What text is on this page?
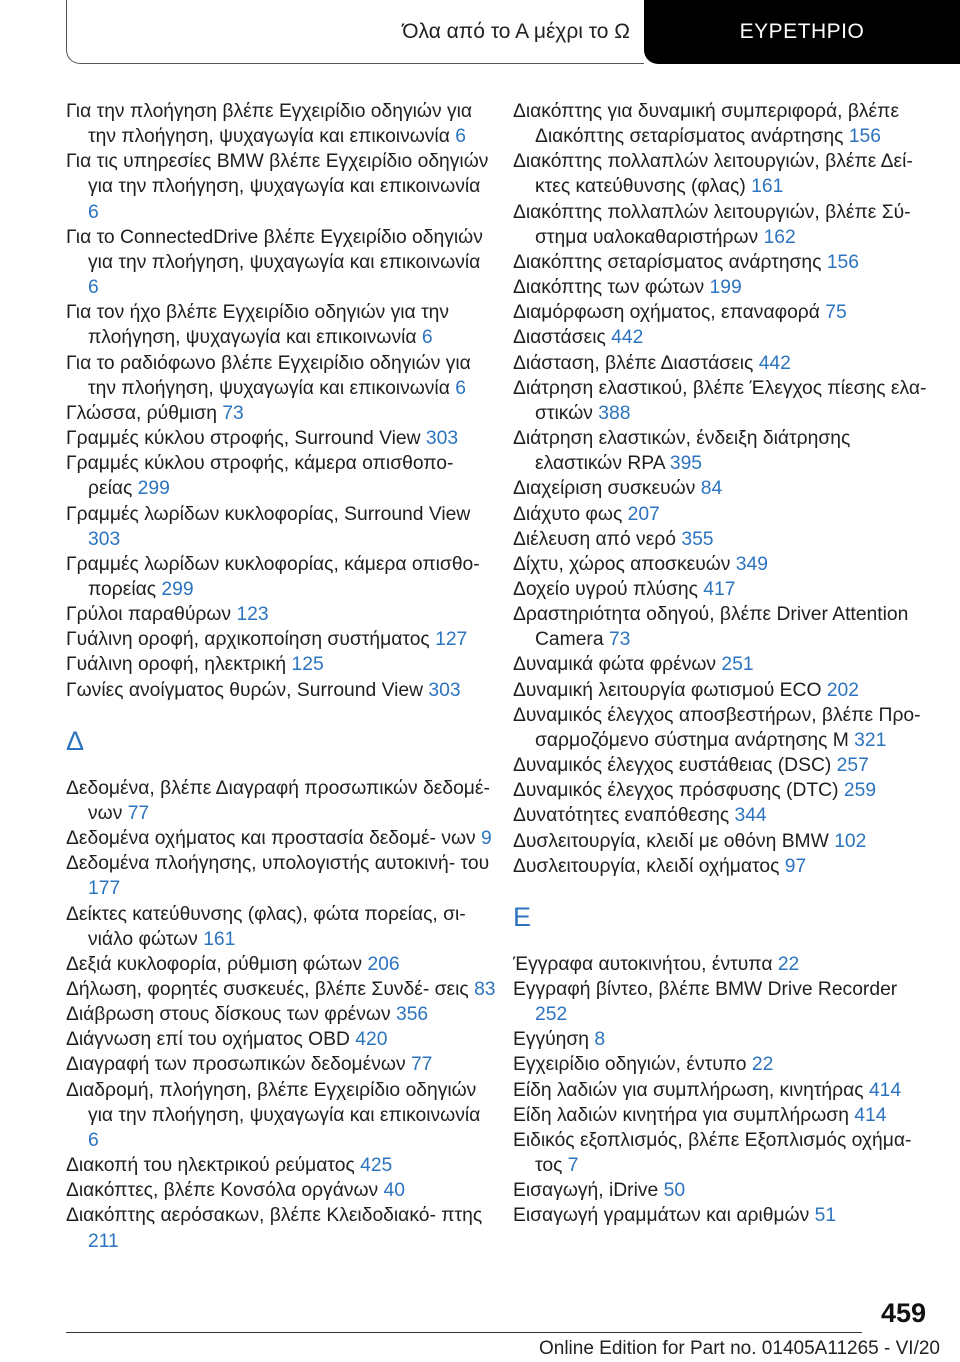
Όλα από το Α μέχρι το Ω	ΕΥΡΕΤΗΡΙΟ
Για την πλοήγηση βλέπε Εγχειρίδιο οδηγιών για την πλοήγηση, ψυχαγωγία και επικοινωνία 6
Για τις υπηρεσίες BMW βλέπε Εγχειρίδιο οδηγιών για την πλοήγηση, ψυχαγωγία και επικοινωνία 6
Για το ConnectedDrive βλέπε Εγχειρίδιο οδηγιών για την πλοήγηση, ψυχαγωγία και επικοινωνία 6
Για τον ήχο βλέπε Εγχειρίδιο οδηγιών για την πλοήγηση, ψυχαγωγία και επικοινωνία 6
Για το ραδιόφωνο βλέπε Εγχειρίδιο οδηγιών για την πλοήγηση, ψυχαγωγία και επικοινωνία 6
Γλώσσα, ρύθμιση 73
Γραμμές κύκλου στροφής, Surround View 303
Γραμμές κύκλου στροφής, κάμερα οπισθοπο‐ ρείας 299
Γραμμές λωρίδων κυκλοφορίας, Surround View 303
Γραμμές λωρίδων κυκλοφορίας, κάμερα οπισθο‐ πορείας 299
Γρύλοι παραθύρων 123
Γυάλινη οροφή, αρχικοποίηση συστήματος 127
Γυάλινη οροφή, ηλεκτρική 125
Γωνίες ανοίγματος θυρών, Surround View 303
Δ
Δεδομένα, βλέπε Διαγραφή προσωπικών δεδομέ‐ νων 77
Δεδομένα οχήματος και προστασία δεδομέ‐ νων 9
Δεδομένα πλοήγησης, υπολογιστής αυτοκινή‐ του 177
Δείκτες κατεύθυνσης (φλας), φώτα πορείας, σι‐ νιάλο φώτων 161
Δεξιά κυκλοφορία, ρύθμιση φώτων 206
Δήλωση, φορητές συσκευές, βλέπε Συνδέ‐ σεις 83
Διάβρωση στους δίσκους των φρένων 356
Διάγνωση επί του οχήματος OBD 420
Διαγραφή των προσωπικών δεδομένων 77
Διαδρομή, πλοήγηση, βλέπε Εγχειρίδιο οδηγιών για την πλοήγηση, ψυχαγωγία και επικοινωνία 6
Διακοπή του ηλεκτρικού ρεύματος 425
Διακόπτες, βλέπε Κονσόλα οργάνων 40
Διακόπτης αερόσακων, βλέπε Κλειδοδιακό‐ πτης 211
Διακόπτης για δυναμική συμπεριφορά, βλέπε Διακόπτης σεταρίσματος ανάρτησης 156
Διακόπτης πολλαπλών λειτουργιών, βλέπε Δεί‐ κτες κατεύθυνσης (φλας) 161
Διακόπτης πολλαπλών λειτουργιών, βλέπε Σύ‐ στημα υαλοκαθαριστήρων 162
Διακόπτης σεταρίσματος ανάρτησης 156
Διακόπτης των φώτων 199
Διαμόρφωση οχήματος, επαναφορά 75
Διαστάσεις 442
Διάσταση, βλέπε Διαστάσεις 442
Διάτρηση ελαστικού, βλέπε Έλεγχος πίεσης ελα‐ στικών 388
Διάτρηση ελαστικών, ένδειξη διάτρησης ελαστικών RPA 395
Διαχείριση συσκευών 84
Διάχυτο φως 207
Διέλευση από νερό 355
Δίχτυ, χώρος αποσκευών 349
Δοχείο υγρού πλύσης 417
Δραστηριότητα οδηγού, βλέπε Driver Attention Camera 73
Δυναμικά φώτα φρένων 251
Δυναμική λειτουργία φωτισμού ECO 202
Δυναμικός έλεγχος αποσβεστήρων, βλέπε Προ‐ σαρμοζόμενο σύστημα ανάρτησης M 321
Δυναμικός έλεγχος ευστάθειας (DSC) 257
Δυναμικός έλεγχος πρόσφυσης (DTC) 259
Δυνατότητες εναπόθεσης 344
Δυσλειτουργία, κλειδί με οθόνη BMW 102
Δυσλειτουργία, κλειδί οχήματος 97
Ε
Έγγραφα αυτοκινήτου, έντυπα 22
Εγγραφή βίντεο, βλέπε BMW Drive Recorder 252
Εγγύηση 8
Εγχειρίδιο οδηγιών, έντυπο 22
Είδη λαδιών για συμπλήρωση, κινητήρας 414
Είδη λαδιών κινητήρα για συμπλήρωση 414
Ειδικός εξοπλισμός, βλέπε Εξοπλισμός οχήμα‐ τος 7
Εισαγωγή, iDrive 50
Εισαγωγή γραμμάτων και αριθμών 51
459
Online Edition for Part no. 01405A11265 - VI/20
